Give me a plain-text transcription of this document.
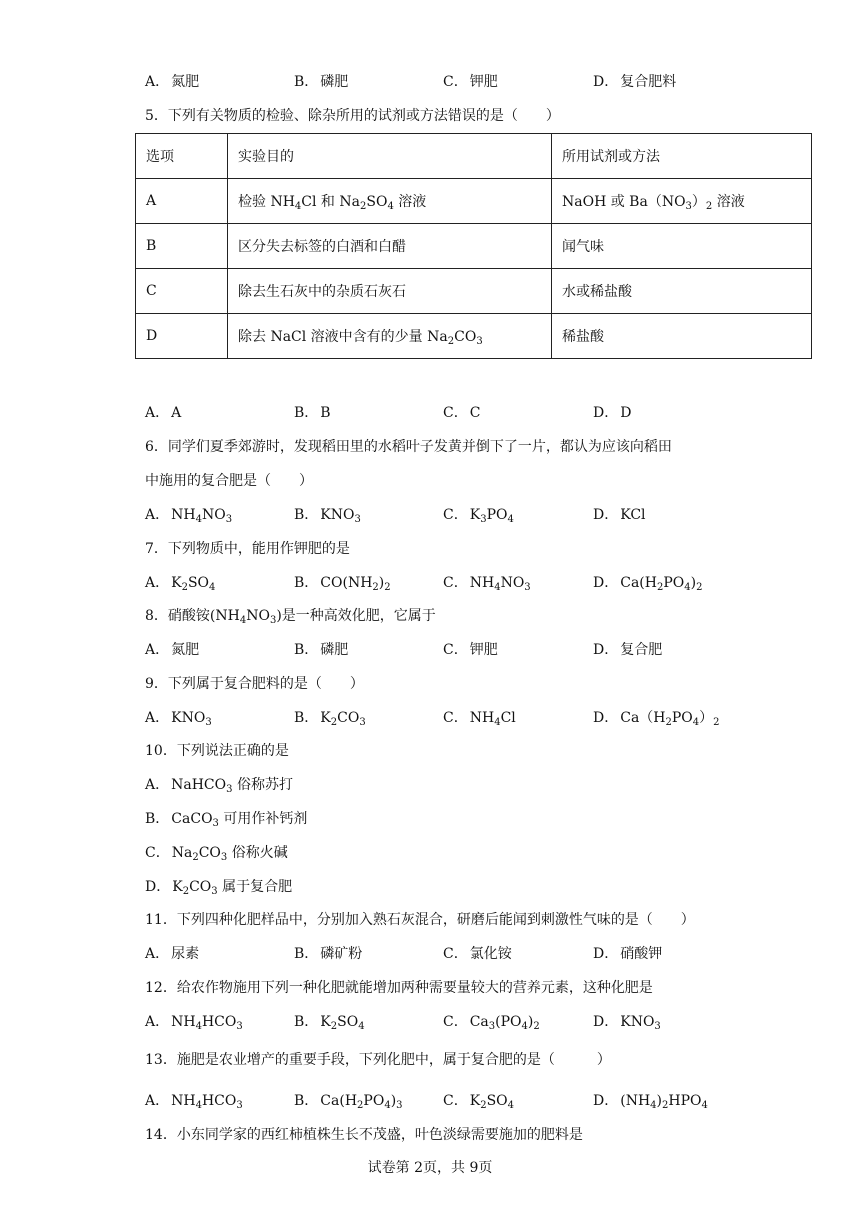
A． 氮肥	B． 磷肥	C． 钾肥	D． 复合肥料
5．下列有关物质的检验、除杂所用的试剂或方法错误的是（　　）
选项	实验目的	所用试剂或方法
A	检验 $NH_4Cl$ 和 $Na_2SO_4$ 溶液	NaOH 或 $Ba(NO_3)_2$ 溶液
B	区分失去标签的白酒和白醋	闻气味
C	除去生石灰中的杂质石灰石	水或稀盐酸
D	除去 NaCl 溶液中含有的少量 $Na_2CO_3$	稀盐酸
A． A	B． B	C． C	D． D
6．同学们夏季郊游时，发现稻田里的水稻叶子发黄并倒下了一片，都认为应该向稻田
中施用的复合肥是（　　）
A． $NH_4NO_3$	B． $KNO_3$	C． $K_3PO_4$	D． KCl
7．下列物质中，能用作钾肥的是
A． $K_2SO_4$	B． $CO(NH_2)_2$	C． $NH_4NO_3$	D． $Ca(H_2PO_4)_2$
8．硝酸铵$(NH_4NO_3)$是一种高效化肥，它属于
A． 氮肥	B． 磷肥	C． 钾肥	D． 复合肥
9．下列属于复合肥料的是（　　）
A． $KNO_3$	B． $K_2CO_3$	C． $NH_4Cl$	D． $Ca(H_2PO_4)_2$
10．下列说法正确的是
A． NaHCO$_3$ 俗称苏打
B． CaCO$_3$ 可用作补钙剂
C． $Na_2CO_3$ 俗称火碱
D． $K_2CO_3$ 属于复合肥
11．下列四种化肥样品中，分别加入熟石灰混合，研磨后能闻到刺激性气味的是（　　）
A． 尿素	B． 磷矿粉	C． 氯化铵	D． 硝酸钾
12．给农作物施用下列一种化肥就能增加两种需要量较大的营养元素，这种化肥是
A． $NH_4HCO_3$	B． $K_2SO_4$	C． $Ca_3(PO_4)_2$	D． $KNO_3$
13．施肥是农业增产的重要手段，下列化肥中，属于复合肥的是（　　　）
A． $NH_4HCO_3$	B． $Ca(H_2PO_4)_3$	C． $K_2SO_4$	D． $(NH_4)_2HPO_4$
14．小东同学家的西红柿植株生长不茂盛，叶色淡绿需要施加的肥料是
试卷第 2页，共 9页
